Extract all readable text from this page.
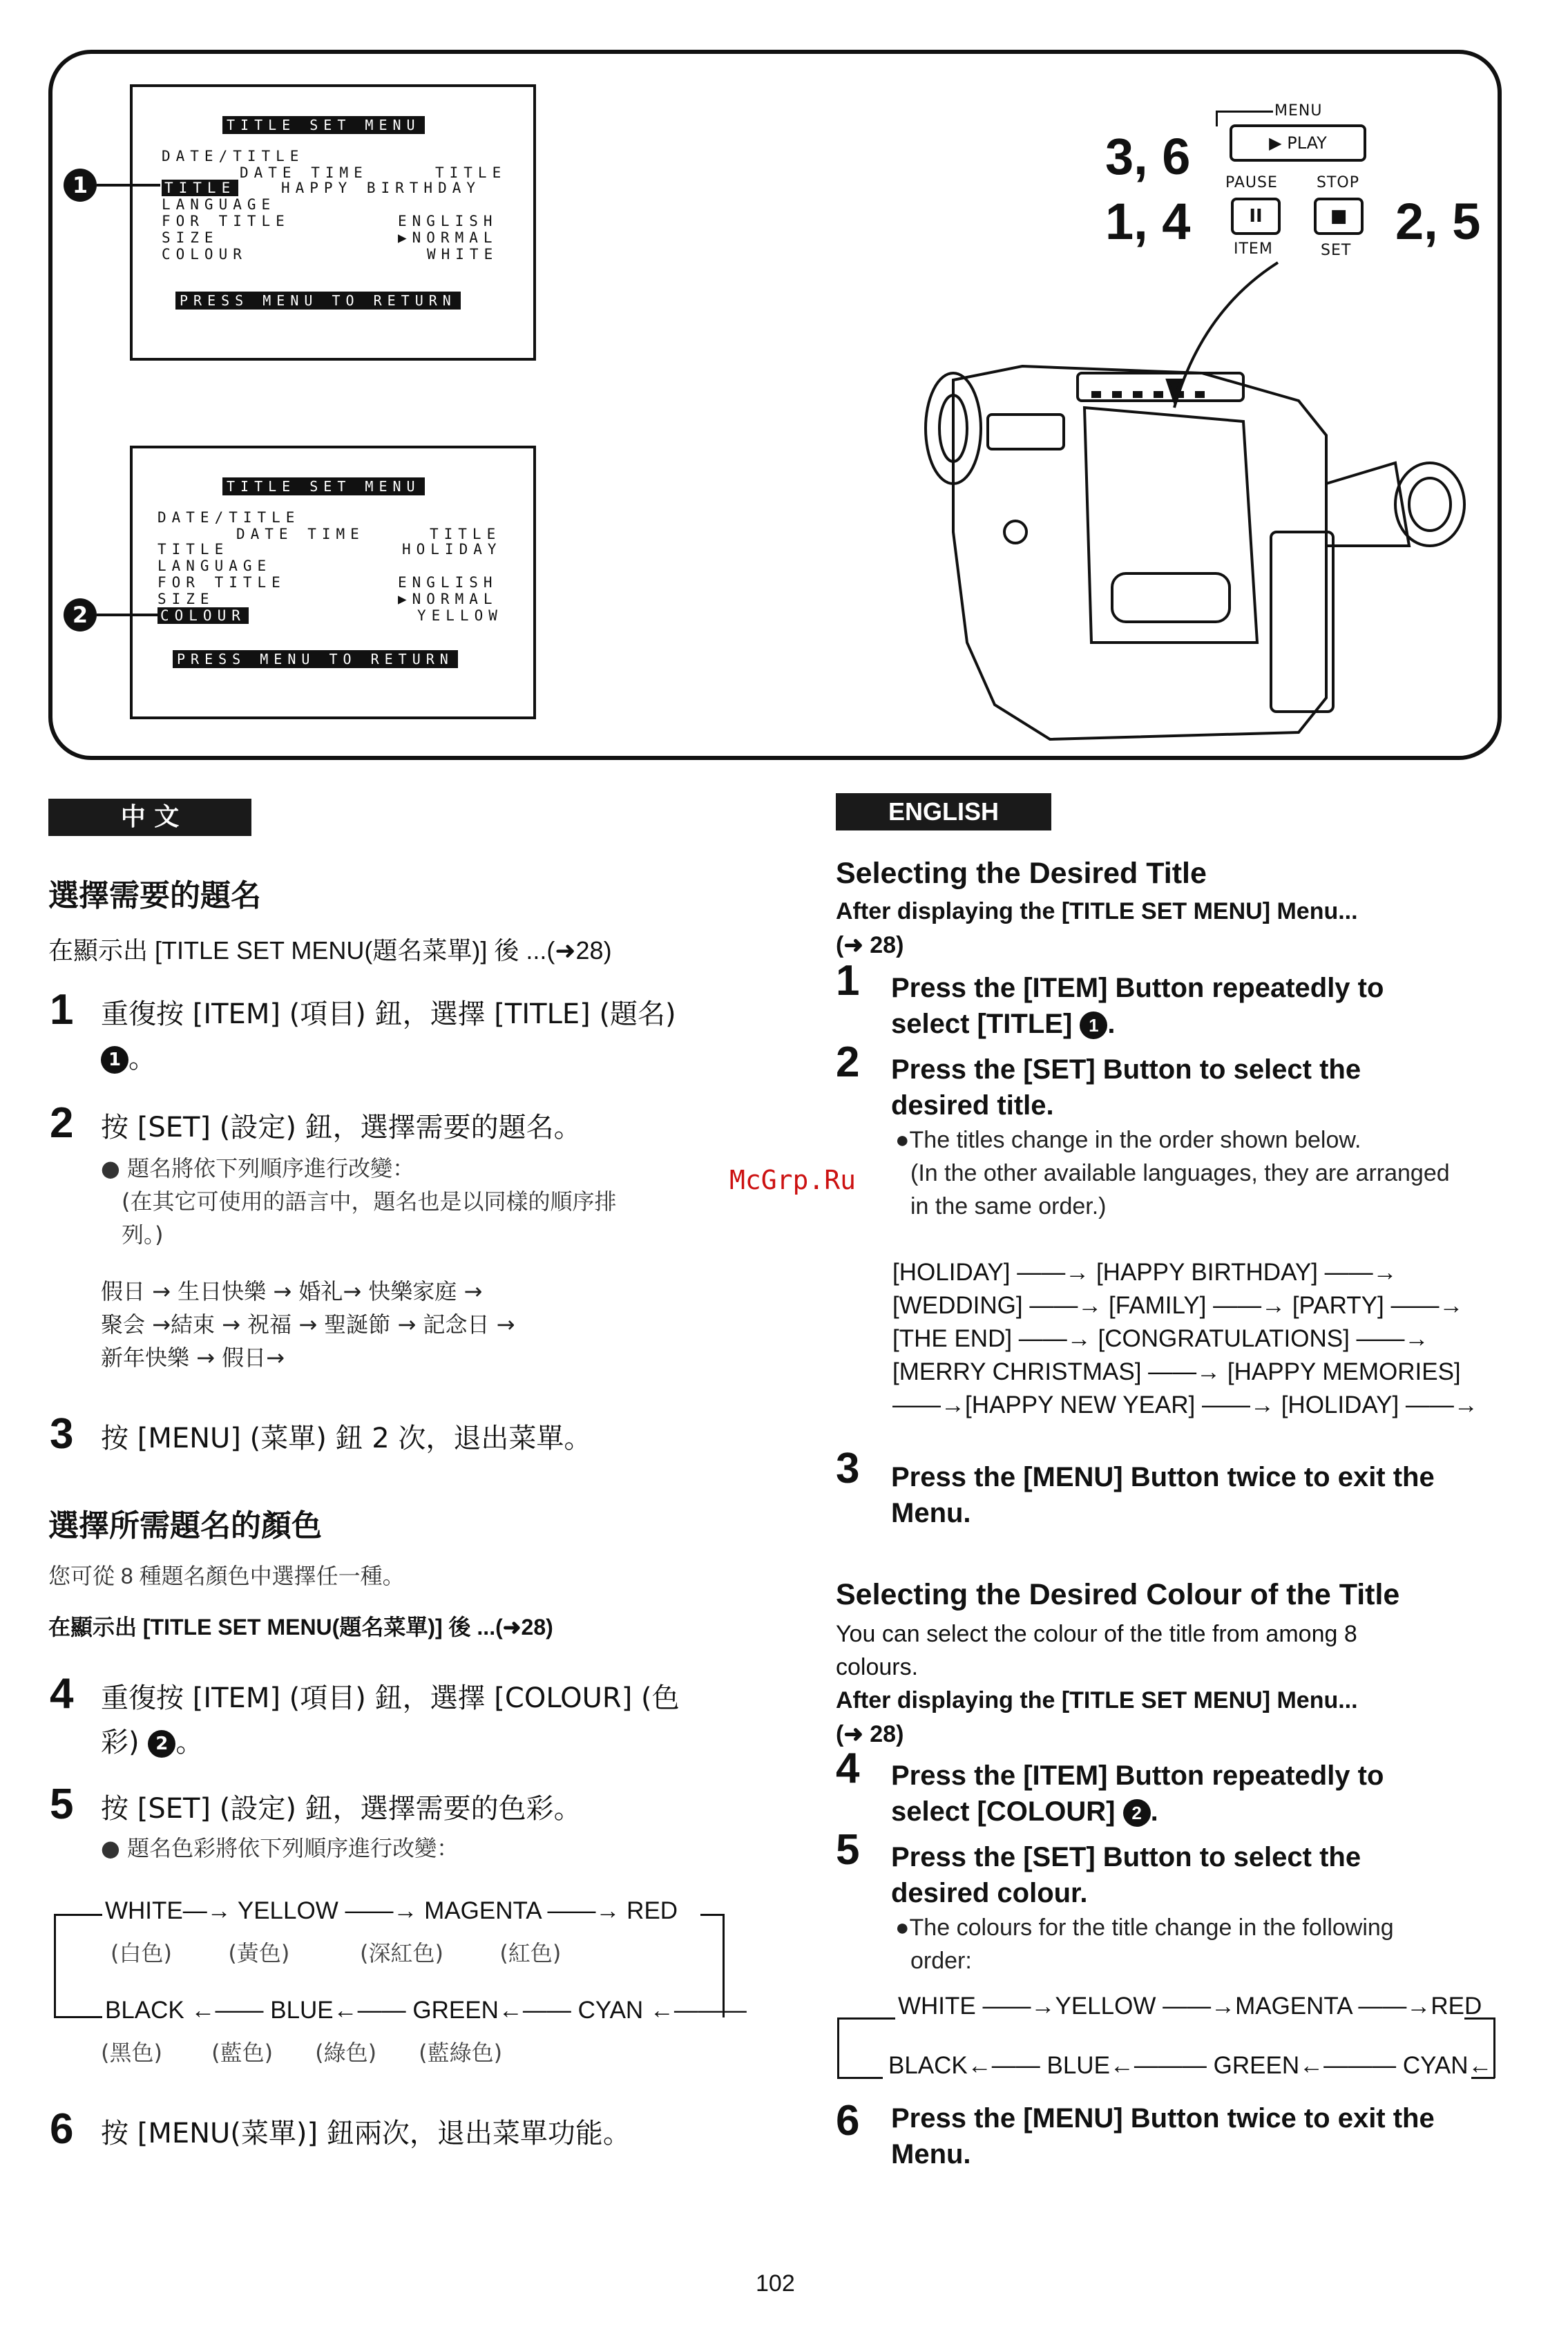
TITLE SET MENU
DATE/TITLE
DATE TIME	TITLE
TITLE	HAPPY BIRTHDAY
LANGUAGE
FOR TITLE	ENGLISH
SIZE	▶NORMAL
COLOUR	WHITE
PRESS MENU TO RETURN
1
TITLE SET MENU
DATE/TITLE
DATE TIME	TITLE
TITLE	HOLIDAY
LANGUAGE
FOR TITLE	ENGLISH
SIZE	▶NORMAL
COLOUR	YELLOW
PRESS MENU TO RETURN
2
MENU
▶ PLAY
PAUSE	STOP
II	■
ITEM	SET
3, 6
1, 4	2, 5
中 文
選擇需要的題名
在顯示出 [TITLE SET MENU(題名菜單)] 後 ...(➜28)
1 重復按 [ITEM] (項目) 鈕，選擇 [TITLE] (題名)
1 。
2 按 [SET] (設定) 鈕，選擇需要的題名。
● 題名將依下列順序進行改變：
(在其它可使用的語言中，題名也是以同樣的順序排
列。)
假日 → 生日快樂 → 婚礼→ 快樂家庭 →
聚会 →結束 → 祝福 → 聖誕節 → 記念日 →
新年快樂 → 假日→
3 按 [MENU] (菜單) 鈕 2 次，退出菜單。
選擇所需題名的顏色
您可從 8 種題名顏色中選擇任一種。
在顯示出 [TITLE SET MENU(題名菜單)] 後 ...(➜28)
4 重復按 [ITEM] (項目) 鈕，選擇 [COLOUR] (色
彩) 2 。
5 按 [SET] (設定) 鈕，選擇需要的色彩。
● 題名色彩將依下列順序進行改變：
WHITE—→ YELLOW ——→ MAGENTA ——→ RED
(白色)        (黃色)          (深紅色)        (紅色)
BLACK ←—— BLUE←—— GREEN←—— CYAN ←———
(黑色)       (藍色)      (綠色)      (藍綠色)
6 按 [MENU(菜單)] 鈕兩次，退出菜單功能。
McGrp.Ru
ENGLISH
Selecting the Desired Title
After displaying the [TITLE SET MENU] Menu...
(➜ 28)
1 Press the [ITEM] Button repeatedly to
select [TITLE] 1 .
2 Press the [SET] Button to select the
desired title.
●The titles change in the order shown below.
(In the other available languages, they are arranged
in the same order.)
[HOLIDAY] ——→ [HAPPY BIRTHDAY] ——→
[WEDDING] ——→ [FAMILY] ——→ [PARTY] ——→
[THE END] ——→ [CONGRATULATIONS] ——→
[MERRY CHRISTMAS] ——→ [HAPPY MEMORIES]
——→[HAPPY NEW YEAR] ——→ [HOLIDAY] ——→
3 Press the [MENU] Button twice to exit the
Menu.
Selecting the Desired Colour of the Title
You can select the colour of the title from among 8
colours.
After displaying the [TITLE SET MENU] Menu...
(➜ 28)
4 Press the [ITEM] Button repeatedly to
select [COLOUR] 2 .
5 Press the [SET] Button to select the
desired colour.
●The colours for the title change in the following
order:
WHITE ——→YELLOW ——→MAGENTA ——→RED
BLACK←—— BLUE←——— GREEN←——— CYAN←
6 Press the [MENU] Button twice to exit the
Menu.
102
